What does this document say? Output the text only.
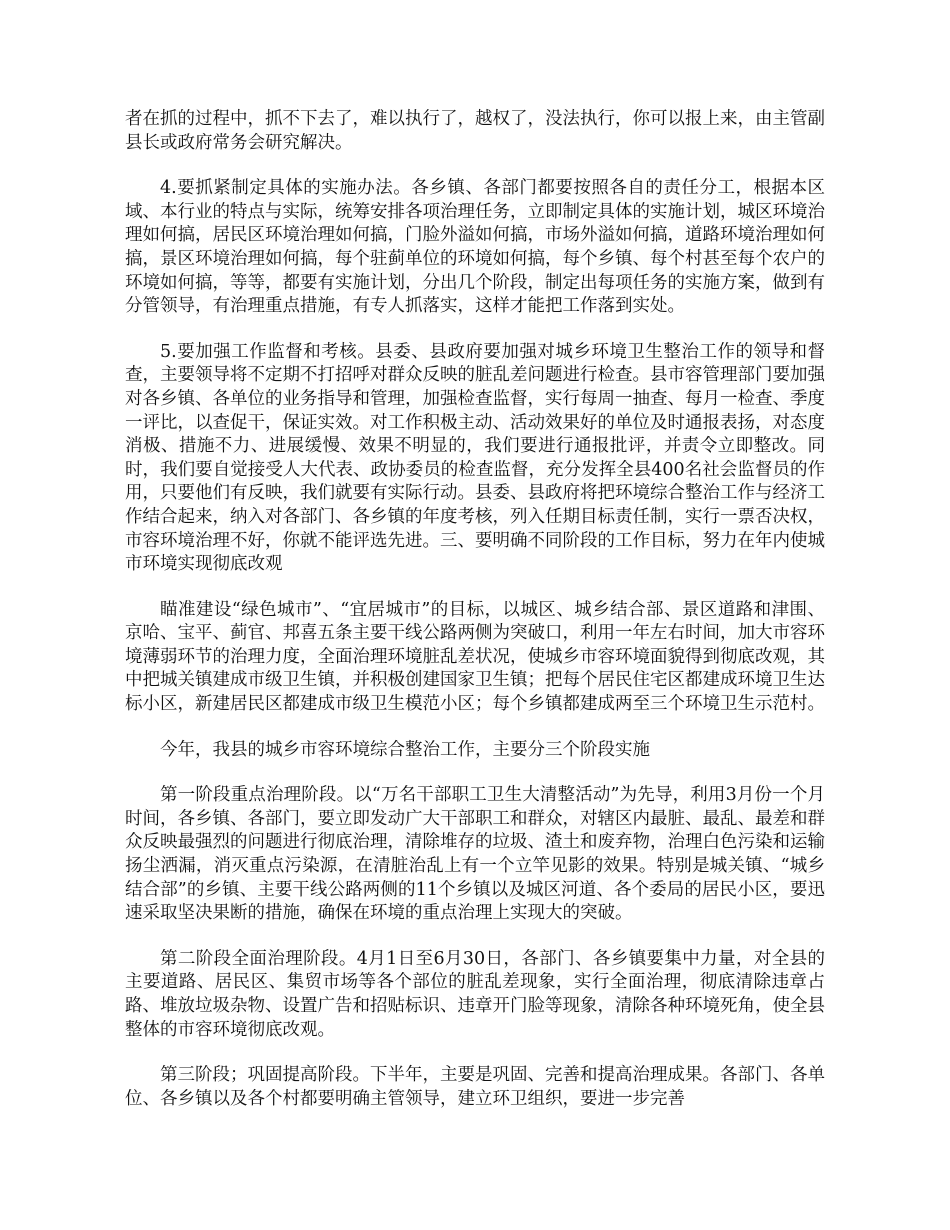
者在抓的过程中，抓不下去了，难以执行了，越权了，没法执行，你可以报上来，由主管副县长或政府常务会研究解决。

4.要抓紧制定具体的实施办法。各乡镇、各部门都要按照各自的责任分工，根据本区域、本行业的特点与实际，统筹安排各项治理任务，立即制定具体的实施计划，城区环境治理如何搞，居民区环境治理如何搞，门脸外溢如何搞，市场外溢如何搞，道路环境治理如何搞，景区环境治理如何搞，每个驻蓟单位的环境如何搞，每个乡镇、每个村甚至每个农户的环境如何搞，等等，都要有实施计划，分出几个阶段，制定出每项任务的实施方案，做到有分管领导，有治理重点措施，有专人抓落实，这样才能把工作落到实处。

5.要加强工作监督和考核。县委、县政府要加强对城乡环境卫生整治工作的领导和督查，主要领导将不定期不打招呼对群众反映的脏乱差问题进行检查。县市容管理部门要加强对各乡镇、各单位的业务指导和管理，加强检查监督，实行每周一抽查、每月一检查、季度一评比，以查促干，保证实效。对工作积极主动、活动效果好的单位及时通报表扬，对态度消极、措施不力、进展缓慢、效果不明显的，我们要进行通报批评，并责令立即整改。同时，我们要自觉接受人大代表、政协委员的检查监督，充分发挥全县400名社会监督员的作用，只要他们有反映，我们就要有实际行动。县委、县政府将把环境综合整治工作与经济工作结合起来，纳入对各部门、各乡镇的年度考核，列入任期目标责任制，实行一票否决权，市容环境治理不好，你就不能评选先进。三、要明确不同阶段的工作目标，努力在年内使城市环境实现彻底改观

瞄准建设“绿色城市”、“宜居城市”的目标，以城区、城乡结合部、景区道路和津围、京哈、宝平、蓟官、邦喜五条主要干线公路两侧为突破口，利用一年左右时间，加大市容环境薄弱环节的治理力度，全面治理环境脏乱差状况，使城乡市容环境面貌得到彻底改观，其中把城关镇建成市级卫生镇，并积极创建国家卫生镇；把每个居民住宅区都建成环境卫生达标小区，新建居民区都建成市级卫生模范小区；每个乡镇都建成两至三个环境卫生示范村。

今年，我县的城乡市容环境综合整治工作，主要分三个阶段实施

第一阶段重点治理阶段。以“万名干部职工卫生大清整活动”为先导，利用3月份一个月时间，各乡镇、各部门，要立即发动广大干部职工和群众，对辖区内最脏、最乱、最差和群众反映最强烈的问题进行彻底治理，清除堆存的垃圾、渣土和废弃物，治理白色污染和运输扬尘洒漏，消灭重点污染源，在清脏治乱上有一个立竿见影的效果。特别是城关镇、“城乡结合部”的乡镇、主要干线公路两侧的11个乡镇以及城区河道、各个委局的居民小区，要迅速采取坚决果断的措施，确保在环境的重点治理上实现大的突破。

第二阶段全面治理阶段。4月1日至6月30日，各部门、各乡镇要集中力量，对全县的主要道路、居民区、集贸市场等各个部位的脏乱差现象，实行全面治理，彻底清除违章占路、堆放垃圾杂物、设置广告和招贴标识、违章开门脸等现象，清除各种环境死角，使全县整体的市容环境彻底改观。

第三阶段；巩固提高阶段。下半年，主要是巩固、完善和提高治理成果。各部门、各单位、各乡镇以及各个村都要明确主管领导，建立环卫组织，要进一步完善
